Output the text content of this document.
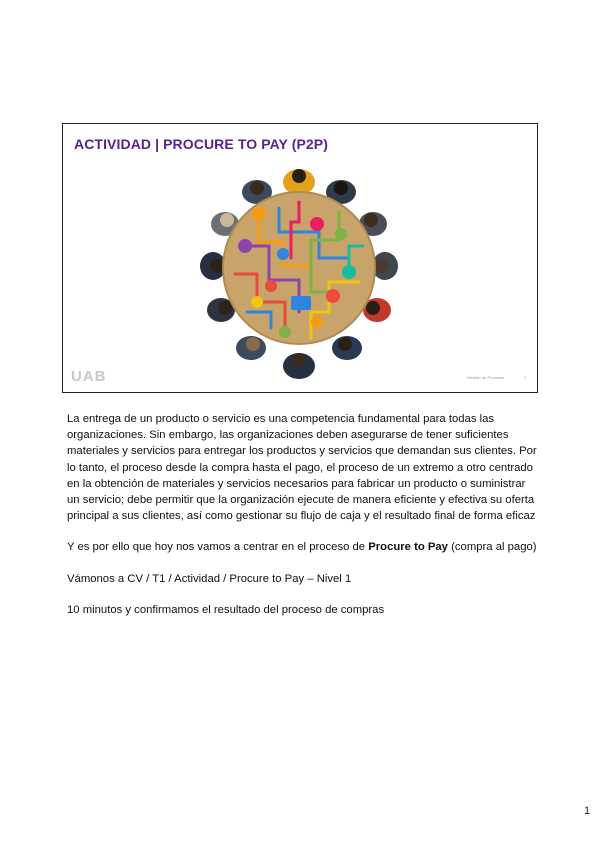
ACTIVIDAD | PROCURE TO PAY (P2P)
UAB	Gestión de Procesos	7

La entrega de un producto o servicio es una competencia fundamental para todas las organizaciones. Sin embargo, las organizaciones deben asegurarse de tener suficientes materiales y servicios para entregar los productos y servicios que demandan sus clientes. Por lo tanto, el proceso desde la compra hasta el pago, el proceso de un extremo a otro centrado en la obtención de materiales y servicios necesarios para fabricar un producto o suministrar un servicio; debe permitir que la organización ejecute de manera eficiente y efectiva su oferta principal a sus clientes, así como gestionar su flujo de caja y el resultado final de forma eficaz

Y es por ello que hoy nos vamos a centrar en el proceso de Procure to Pay (compra al pago)

Vámonos a CV / T1 / Actividad / Procure to Pay – Nivel 1

10 minutos y confirmamos el resultado del proceso de compras

1
